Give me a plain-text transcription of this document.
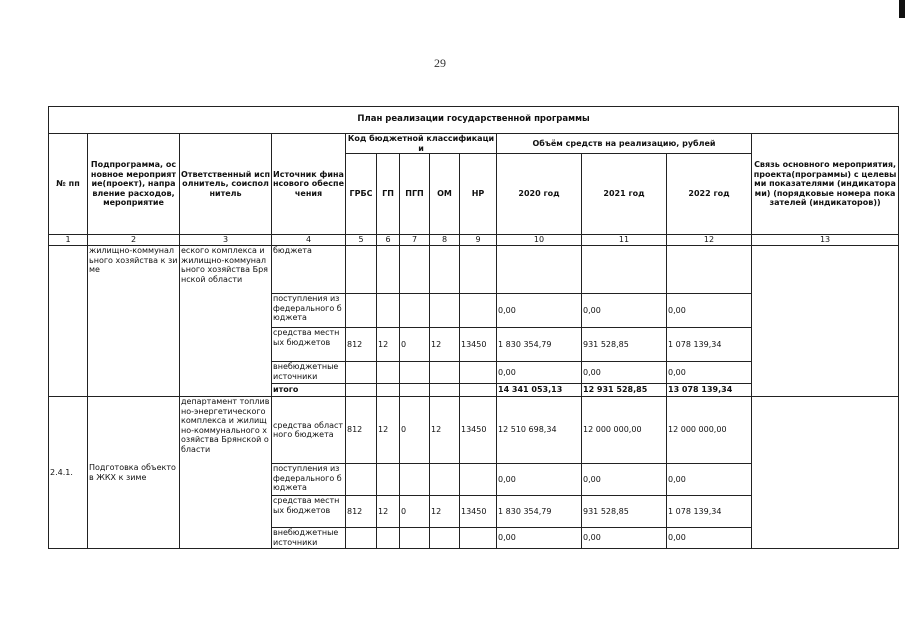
29
План реализации государственной программы												
№ пп	Подпрограмма, основное мероприятие(проект), направление расходов, мероприятие	Ответственный исполнитель, соисполнитель	Источник финансового обеспечения	Код бюджетной классификации					Объём средств на реализацию, рублей			Связь основного мероприятия, проекта(программы) с целевыми показателями (индикаторами) (порядковые номера показателей (индикаторов))
				ГРБС	ГП	ПГП	ОМ	НР	2020 год	2021 год	2022 год	
1	2	3	4	5	6	7	8	9	10	11	12	13
	жилищно-коммунального хозяйства к зиме	еского комплекса и жилищно-коммунального хозяйства Брянской области	бюджета									
			поступления из федерального бюджета						0,00	0,00	0,00	
			средства местных бюджетов	812	12	0	12	13450	1 830 354,79	931 528,85	1 078 139,34	
			внебюджетные источники						0,00	0,00	0,00	
			итого						14 341 053,13	12 931 528,85	13 078 139,34	
2.4.1.	Подготовка объектов ЖКХ к зиме	департамент топливно-энергетического комплекса и жилищно-коммунального хозяйства Брянской области	средства областного бюджета	812	12	0	12	13450	12 510 698,34	12 000 000,00	12 000 000,00	
			поступления из федерального бюджета						0,00	0,00	0,00	
			средства местных бюджетов	812	12	0	12	13450	1 830 354,79	931 528,85	1 078 139,34	
			внебюджетные источники						0,00	0,00	0,00	
